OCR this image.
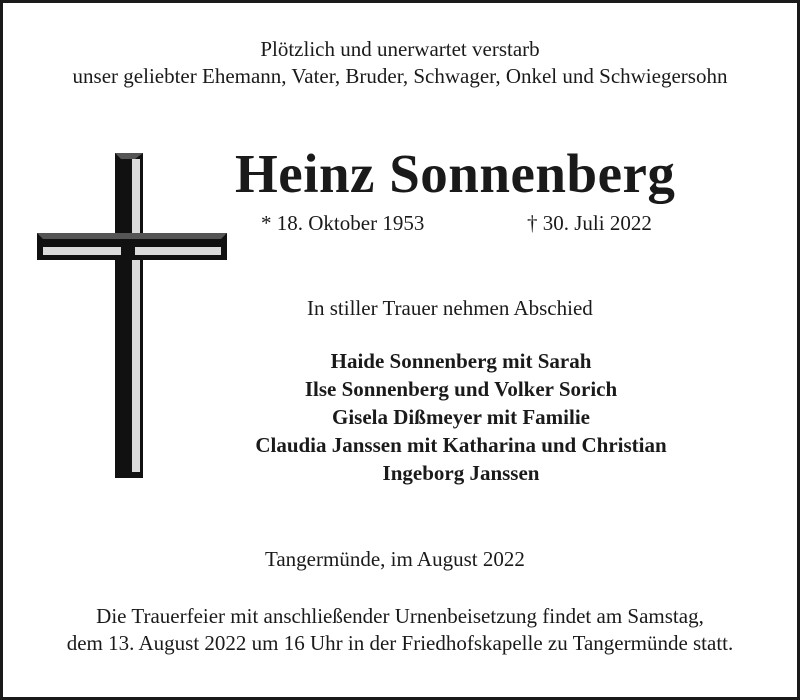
Plötzlich und unerwartet verstarb
unser geliebter Ehemann, Vater, Bruder, Schwager, Onkel und Schwiegersohn
Heinz Sonnenberg
* 18. Oktober 1953	† 30. Juli 2022
In stiller Trauer nehmen Abschied
Haide Sonnenberg mit Sarah
Ilse Sonnenberg und Volker Sorich
Gisela Dißmeyer mit Familie
Claudia Janssen mit Katharina und Christian
Ingeborg Janssen
Tangermünde, im August 2022
Die Trauerfeier mit anschließender Urnenbeisetzung findet am Samstag,
dem 13. August 2022 um 16 Uhr in der Friedhofskapelle zu Tangermünde statt.
